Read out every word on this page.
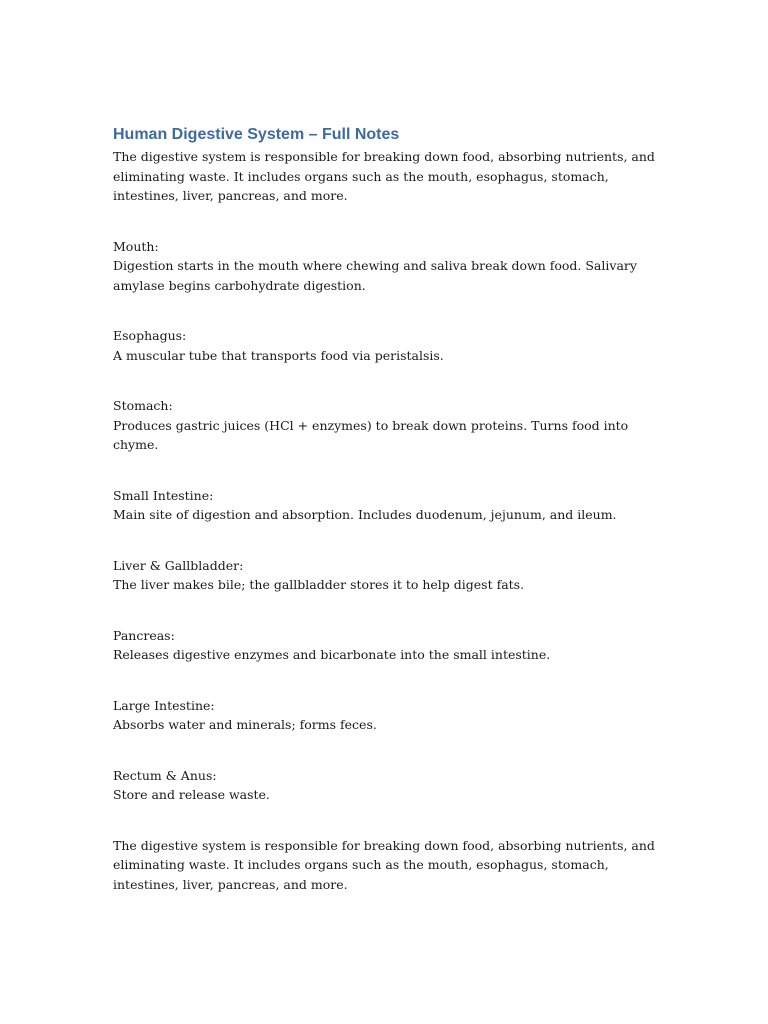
Human Digestive System – Full Notes

The digestive system is responsible for breaking down food, absorbing nutrients, and eliminating waste. It includes organs such as the mouth, esophagus, stomach, intestines, liver, pancreas, and more.

Mouth:
Digestion starts in the mouth where chewing and saliva break down food. Salivary amylase begins carbohydrate digestion.
Esophagus:
A muscular tube that transports food via peristalsis.
Stomach:
Produces gastric juices (HCl + enzymes) to break down proteins. Turns food into chyme.
Small Intestine:
Main site of digestion and absorption. Includes duodenum, jejunum, and ileum.
Liver & Gallbladder:
The liver makes bile; the gallbladder stores it to help digest fats.
Pancreas:
Releases digestive enzymes and bicarbonate into the small intestine.
Large Intestine:
Absorbs water and minerals; forms feces.
Rectum & Anus:
Store and release waste.

The digestive system is responsible for breaking down food, absorbing nutrients, and eliminating waste. It includes organs such as the mouth, esophagus, stomach, intestines, liver, pancreas, and more.
